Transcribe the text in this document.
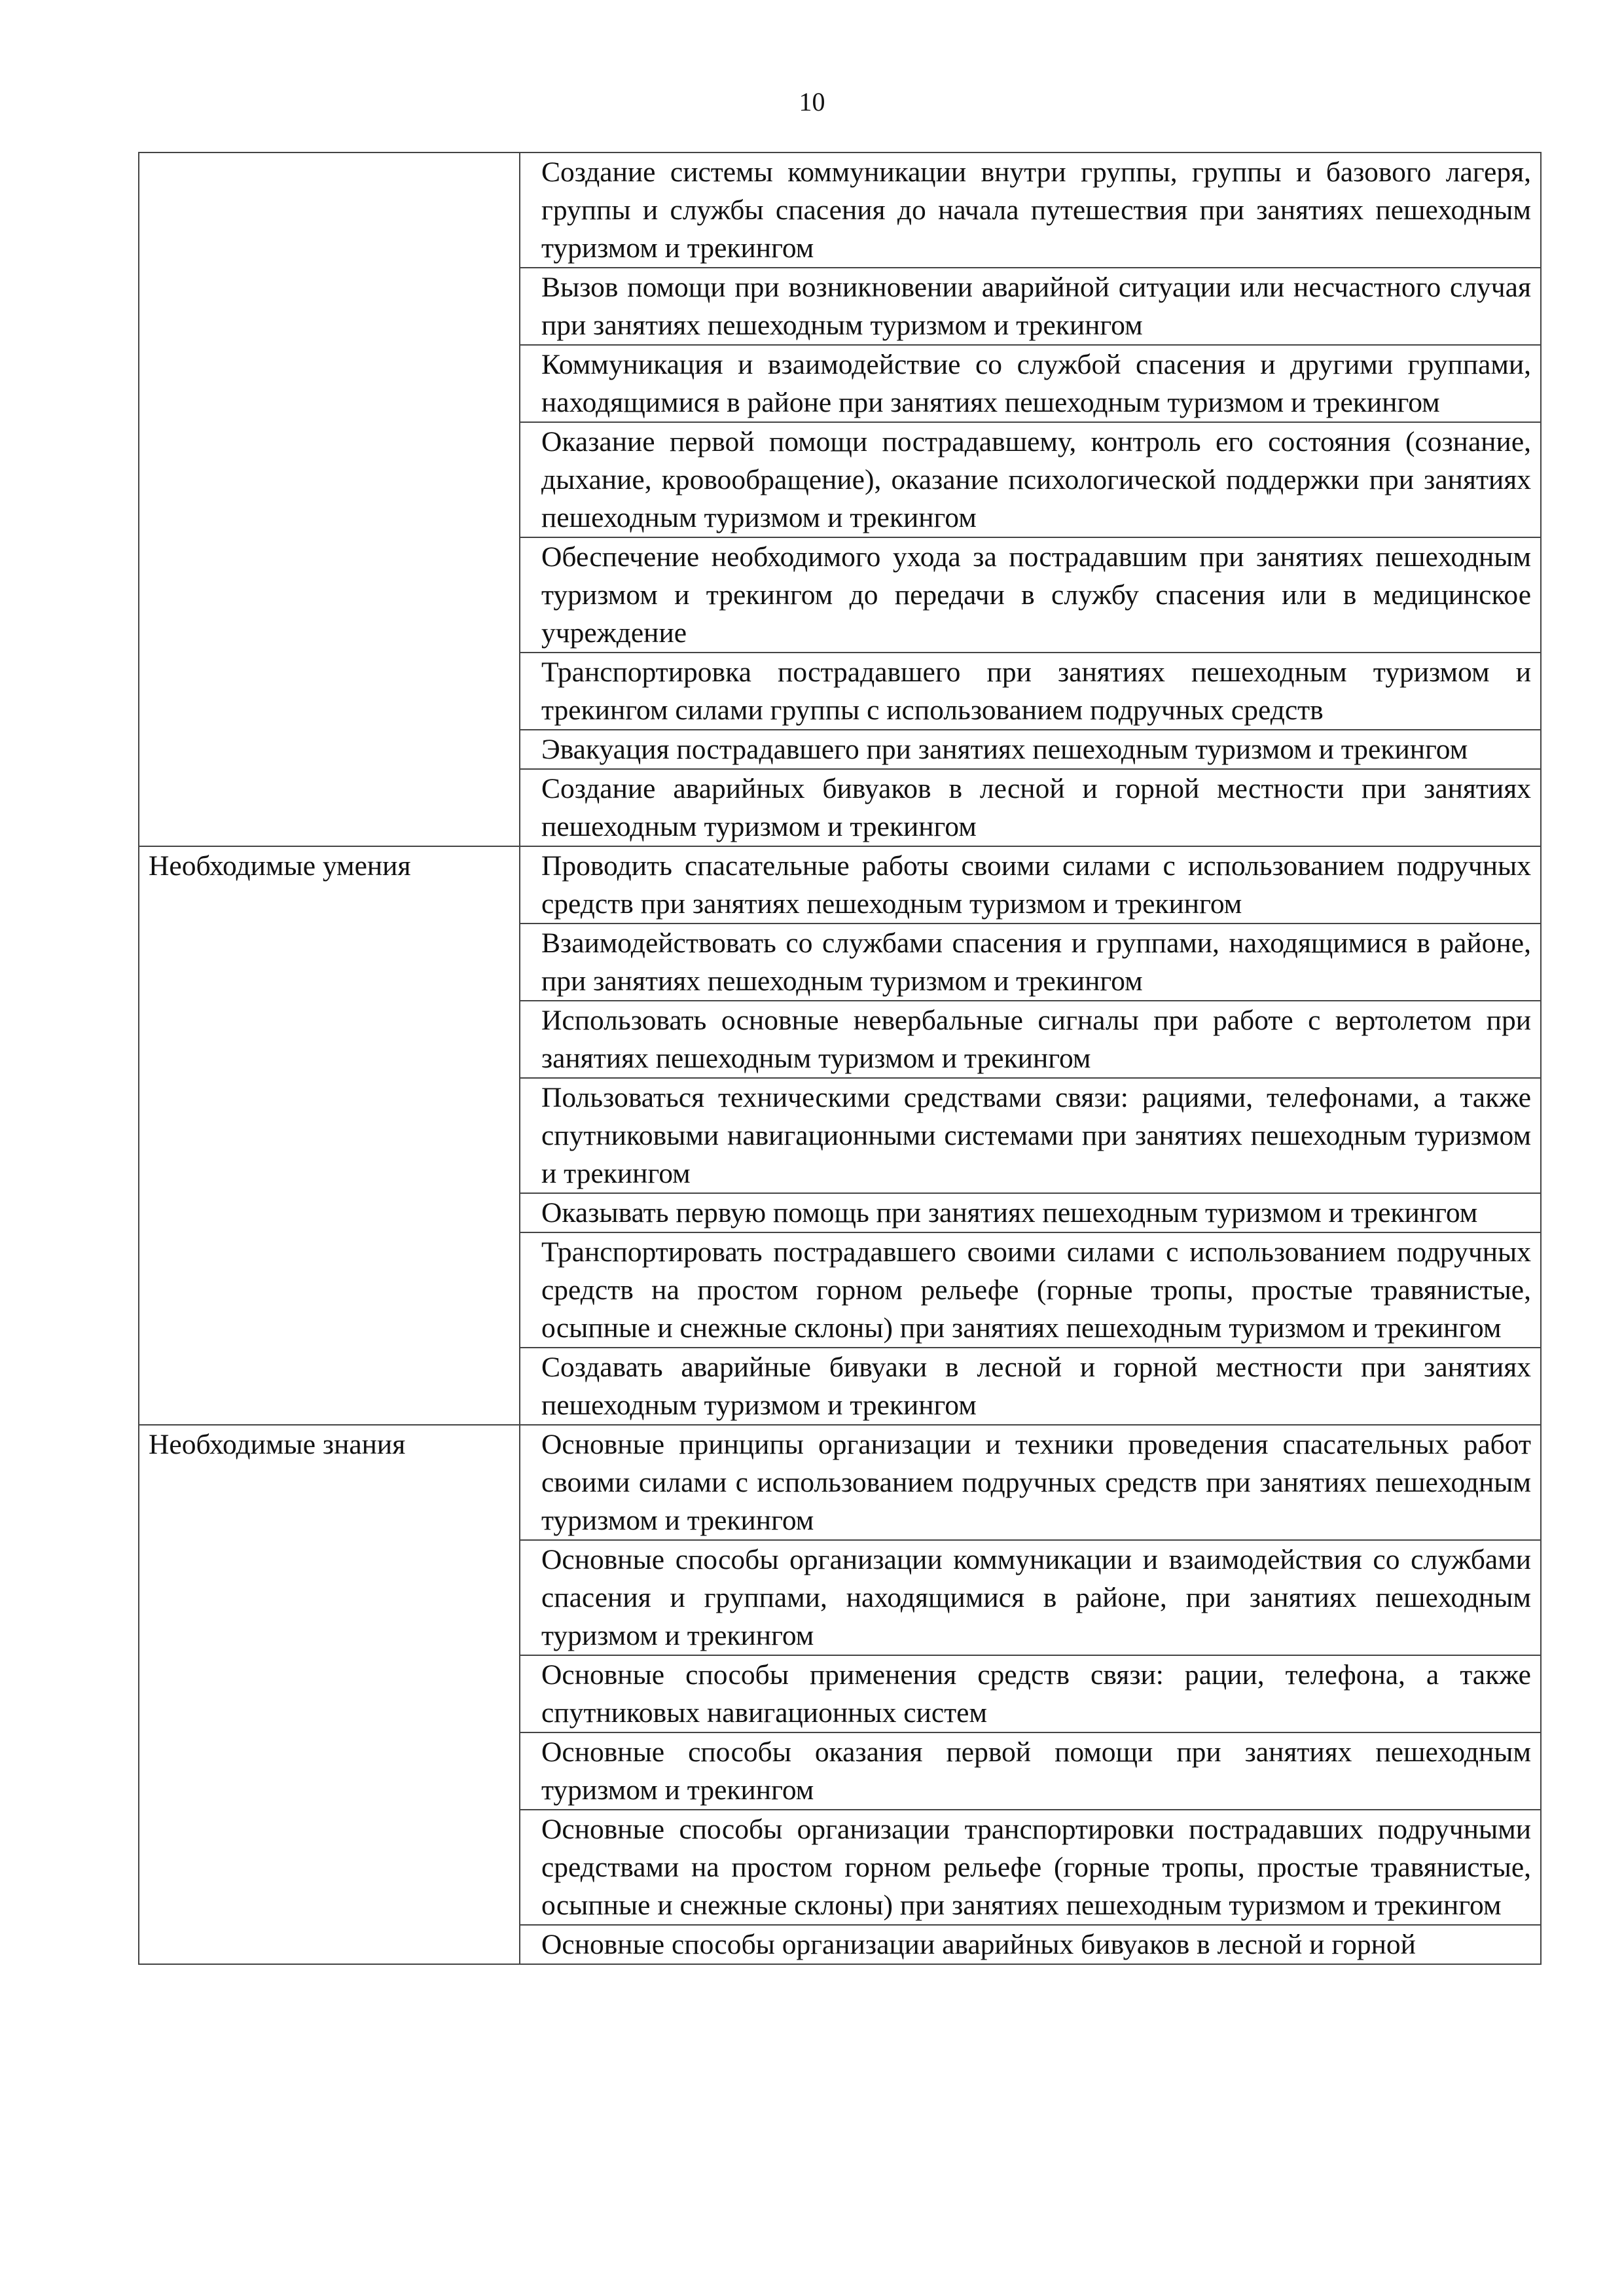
10

	Создание системы коммуникации внутри группы, группы и базового лагеря, группы и службы спасения до начала путешествия при занятиях пешеходным туризмом и трекингом

	Вызов помощи при возникновении аварийной ситуации или несчастного случая при занятиях пешеходным туризмом и трекингом

	Коммуникация и взаимодействие со службой спасения и другими группами, находящимися в районе при занятиях пешеходным туризмом и трекингом

	Оказание первой помощи пострадавшему, контроль его состояния (сознание, дыхание, кровообращение), оказание психологической поддержки при занятиях пешеходным туризмом и трекингом

	Обеспечение необходимого ухода за пострадавшим при занятиях пешеходным туризмом и трекингом до передачи в службу спасения или в медицинское учреждение

	Транспортировка пострадавшего при занятиях пешеходным туризмом и трекингом силами группы с использованием подручных средств

	Эвакуация пострадавшего при занятиях пешеходным туризмом и трекингом

	Создание аварийных бивуаков в лесной и горной местности при занятиях пешеходным туризмом и трекингом

Необходимые умения	Проводить спасательные работы своими силами с использованием подручных средств при занятиях пешеходным туризмом и трекингом

	Взаимодействовать со службами спасения и группами, находящимися в районе, при занятиях пешеходным туризмом и трекингом

	Использовать основные невербальные сигналы при работе с вертолетом при занятиях пешеходным туризмом и трекингом

	Пользоваться техническими средствами связи: рациями, телефонами, а также спутниковыми навигационными системами при занятиях пешеходным туризмом и трекингом

	Оказывать первую помощь при занятиях пешеходным туризмом и трекингом

	Транспортировать пострадавшего своими силами с использованием подручных средств на простом горном рельефе (горные тропы, простые травянистые, осыпные и снежные склоны) при занятиях пешеходным туризмом и трекингом

	Создавать аварийные бивуаки в лесной и горной местности при занятиях пешеходным туризмом и трекингом

Необходимые знания	Основные принципы организации и техники проведения спасательных работ своими силами с использованием подручных средств при занятиях пешеходным туризмом и трекингом

	Основные способы организации коммуникации и взаимодействия со службами спасения и группами, находящимися в районе, при занятиях пешеходным туризмом и трекингом

	Основные способы применения средств связи: рации, телефона, а также спутниковых навигационных систем

	Основные способы оказания первой помощи при занятиях пешеходным туризмом и трекингом

	Основные способы организации транспортировки пострадавших подручными средствами на простом горном рельефе (горные тропы, простые травянистые, осыпные и снежные склоны) при занятиях пешеходным туризмом и трекингом

	Основные способы организации аварийных бивуаков в лесной и горной
